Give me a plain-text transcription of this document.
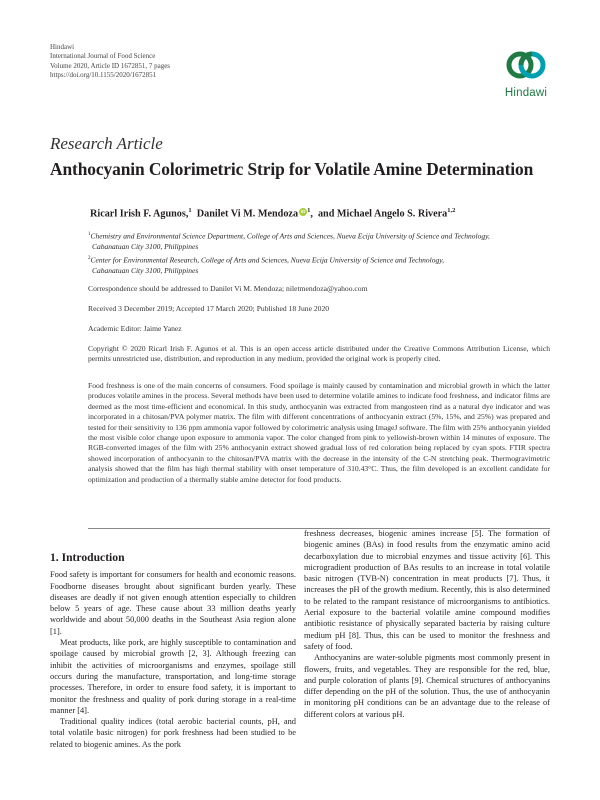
Hindawi
International Journal of Food Science
Volume 2020, Article ID 1672851, 7 pages
https://doi.org/10.1155/2020/1672851
Hindawi
Research Article
Anthocyanin Colorimetric Strip for Volatile Amine Determination
Ricarl Irish F. Agunos,$^1$ Danilet Vi M. MendozaiD $^1$, and Michael Angelo S. Rivera$^{1,2}$
$^1$Chemistry and Environmental Science Department, College of Arts and Sciences, Nueva Ecija University of Science and Technology,
Cabanatuan City 3100, Philippines
$^2$Center for Environmental Research, College of Arts and Sciences, Nueva Ecija University of Science and Technology,
Cabanatuan City 3100, Philippines
Correspondence should be addressed to Danilet Vi M. Mendoza; niletmendoza@yahoo.com
Received 3 December 2019; Accepted 17 March 2020; Published 18 June 2020
Academic Editor: Jaime Yanez
Copyright © 2020 Ricarl Irish F. Agunos et al. This is an open access article distributed under the Creative Commons Attribution License, which permits unrestricted use, distribution, and reproduction in any medium, provided the original work is properly cited.
Food freshness is one of the main concerns of consumers. Food spoilage is mainly caused by contamination and microbial growth in which the latter produces volatile amines in the process. Several methods have been used to determine volatile amines to indicate food freshness, and indicator films are deemed as the most time-efficient and economical. In this study, anthocyanin was extracted from mangosteen rind as a natural dye indicator and was incorporated in a chitosan/PVA polymer matrix. The film with different concentrations of anthocyanin extract (5%, 15%, and 25%) was prepared and tested for their sensitivity to 136 ppm ammonia vapor followed by colorimetric analysis using ImageJ software. The film with 25% anthocyanin yielded the most visible color change upon exposure to ammonia vapor. The color changed from pink to yellowish-brown within 14 minutes of exposure. The RGB-converted images of the film with 25% anthocyanin extract showed gradual loss of red coloration being replaced by cyan spots. FTIR spectra showed incorporation of anthocyanin to the chitosan/PVA matrix with the decrease in the intensity of the C-N stretching peak. Thermogravimetric analysis showed that the film has high thermal stability with onset temperature of 310.43°C. Thus, the film developed is an excellent candidate for optimization and production of a thermally stable amine detector for food products.
1. Introduction

Food safety is important for consumers for health and economic reasons. Foodborne diseases brought about significant burden yearly. These diseases are deadly if not given enough attention especially to children below 5 years of age. These cause about 33 million deaths yearly worldwide and about 50,000 deaths in the Southeast Asia region alone [1].

Meat products, like pork, are highly susceptible to contamination and spoilage caused by microbial growth [2, 3]. Although freezing can inhibit the activities of microorganisms and enzymes, spoilage still occurs during the manufacture, transportation, and long-time storage processes. Therefore, in order to ensure food safety, it is important to monitor the freshness and quality of pork during storage in a real-time manner [4].

Traditional quality indices (total aerobic bacterial counts, pH, and total volatile basic nitrogen) for pork freshness had been studied to be related to biogenic amines. As the pork

freshness decreases, biogenic amines increase [5]. The formation of biogenic amines (BAs) in food results from the enzymatic amino acid decarboxylation due to microbial enzymes and tissue activity [6]. This microgradient production of BAs results to an increase in total volatile basic nitrogen (TVB-N) concentration in meat products [7]. Thus, it increases the pH of the growth medium. Recently, this is also determined to be related to the rampant resistance of microorganisms to antibiotics. Aerial exposure to the bacterial volatile amine compound modifies antibiotic resistance of physically separated bacteria by raising culture medium pH [8]. Thus, this can be used to monitor the freshness and safety of food.

Anthocyanins are water-soluble pigments most commonly present in flowers, fruits, and vegetables. They are responsible for the red, blue, and purple coloration of plants [9]. Chemical structures of anthocyanins differ depending on the pH of the solution. Thus, the use of anthocyanin in monitoring pH conditions can be an advantage due to the release of different colors at various pH.
